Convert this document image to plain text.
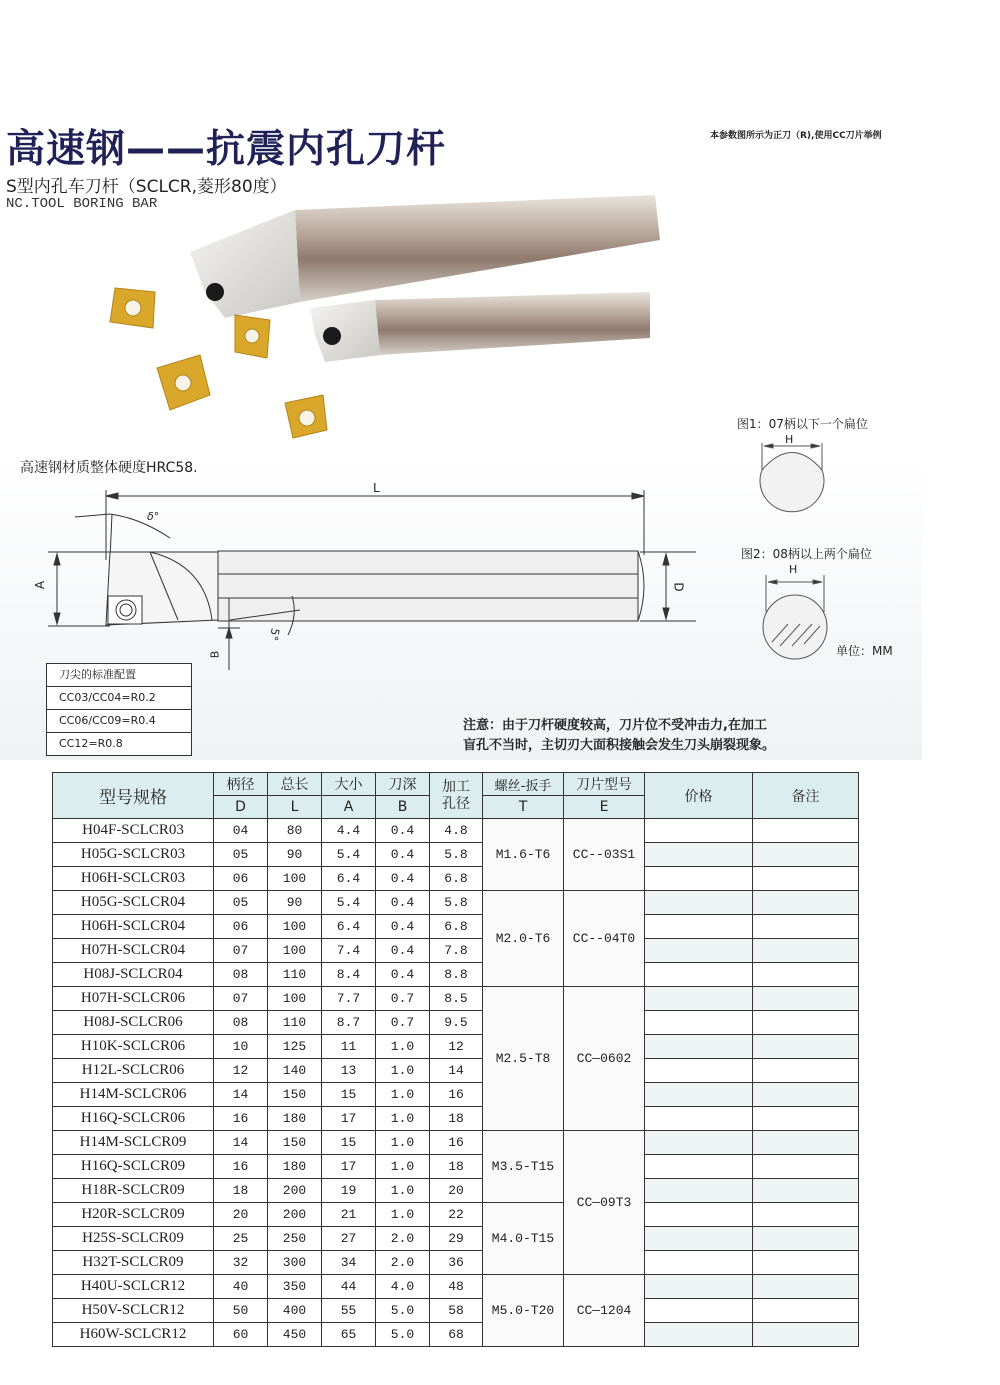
高速钢——抗震内孔刀杆
S型内孔车刀杆（SCLCR,菱形80度）
NC.TOOL BORING BAR
本参数图所示为正刀（R),使用CC刀片举例
高速钢材质整体硬度HRC58.
L
δ°
A	D
B
5°
图1：07柄以下一个扁位
H
图2：08柄以上两个扁位
H
单位：MM
刀尖的标准配置
CC03/CC04=R0.2
CC06/CC09=R0.4
CC12=R0.8
注意：由于刀杆硬度较高，刀片位不受冲击力,在加工
盲孔不当时，主切刃大面积接触会发生刀头崩裂现象。
型号规格	柄径	总长	大小	刀深	加工孔径	螺丝-扳手	刀片型号	价格	备注
	D	L	A	B		T	E		
H04F-SCLCR03	04	80	4.4	0.4	4.8	M1.6-T6	CC--03S1		
H05G-SCLCR03	05	90	5.4	0.4	5.8				
H06H-SCLCR03	06	100	6.4	0.4	6.8				
H05G-SCLCR04	05	90	5.4	0.4	5.8	M2.0-T6	CC--04T0		
H06H-SCLCR04	06	100	6.4	0.4	6.8				
H07H-SCLCR04	07	100	7.4	0.4	7.8				
H08J-SCLCR04	08	110	8.4	0.4	8.8				
H07H-SCLCR06	07	100	7.7	0.7	8.5	M2.5-T8	CC—0602		
H08J-SCLCR06	08	110	8.7	0.7	9.5				
H10K-SCLCR06	10	125	11	1.0	12				
H12L-SCLCR06	12	140	13	1.0	14				
H14M-SCLCR06	14	150	15	1.0	16				
H16Q-SCLCR06	16	180	17	1.0	18				
H14M-SCLCR09	14	150	15	1.0	16	M3.5-T15	CC—09T3		
H16Q-SCLCR09	16	180	17	1.0	18				
H18R-SCLCR09	18	200	19	1.0	20				
H20R-SCLCR09	20	200	21	1.0	22	M4.0-T15			
H25S-SCLCR09	25	250	27	2.0	29				
H32T-SCLCR09	32	300	34	2.0	36				
H40U-SCLCR12	40	350	44	4.0	48	M5.0-T20	CC—1204		
H50V-SCLCR12	50	400	55	5.0	58				
H60W-SCLCR12	60	450	65	5.0	68				
